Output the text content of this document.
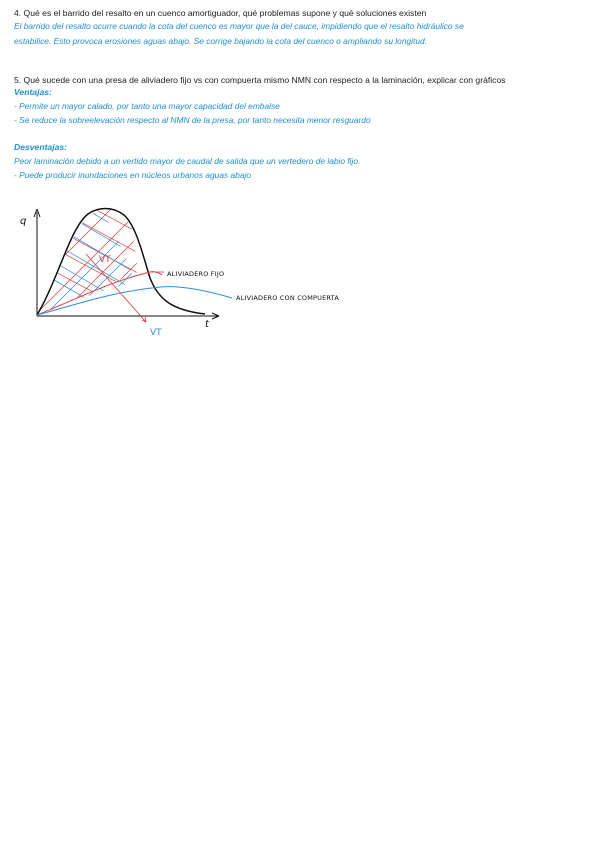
4. Qué es el barrido del resalto en un cuenco amortiguador, qué problemas supone y qué soluciones existen
El barrido del resalto ocurre cuando la cota del cuenco es mayor que la del cauce, impidiendo que el resalto hidráulico se
estabilice. Esto provoca erosiones aguas abajo. Se corrige bajando la cota del cuenco o ampliando su longitud.
5. Qué sucede con una presa de aliviadero fijo vs con compuerta mismo NMN con respecto a la laminación, explicar con gráficos
Ventajas:
- Permite un mayor calado, por tanto una mayor capacidad del embalse
- Se reduce la sobreelevación respecto al NMN de la presa, por tanto necesita menor resguardo
Desventajas:
Peor laminación debido a un vertido mayor de caudal de salida que un vertedero de labio fijo.
- Puede producir inundaciones en núcleos urbanos aguas abajo
q
t
ALIVIADERO FIJO
ALIVIADERO CON COMPUERTA
VT
VT
